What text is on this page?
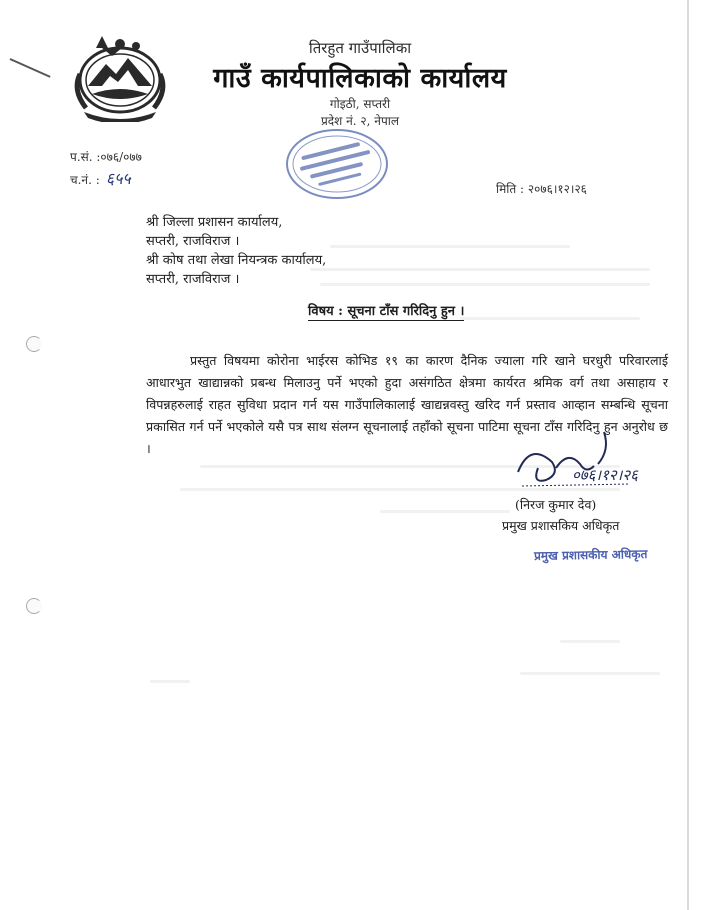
तिरहुत गाउँपालिका
गाउँ कार्यपालिकाको कार्यालय
गोइठी, सप्तरी
प्रदेश नं. २, नेपाल
प.सं. :०७६/०७७
च.नं. : ६५५
मिति : २०७६।१२।२६
श्री जिल्ला प्रशासन कार्यालय,
सप्तरी, राजविराज ।
श्री कोष तथा लेखा नियन्त्रक कार्यालय,
सप्तरी, राजविराज ।
विषय : सूचना टाँस गरिदिनु हुन ।

प्रस्तुत विषयमा कोरोना भाईरस कोभिड १९ का कारण दैनिक ज्याला गरि खाने घरधुरी परिवारलाई आधारभुत खाद्यान्नको प्रबन्ध मिलाउनु पर्ने भएको हुदा असंगठित क्षेत्रमा कार्यरत श्रमिक वर्ग तथा असाहाय र विपन्नहरुलाई राहत सुविधा प्रदान गर्न यस गाउँपालिकालाई खाद्यन्नवस्तु खरिद गर्न प्रस्ताव आव्हान सम्बन्धि सूचना प्रकासित गर्न पर्ने भएकोले यसै पत्र साथ संलग्न सूचनालाई तहाँको सूचना पाटिमा सूचना टाँस गरिदिनु हुन अनुरोध छ ।

०७६।१२।२६
(निरज कुमार देव)
प्रमुख प्रशासकिय अधिकृत
प्रमुख प्रशासकीय अधिकृत
